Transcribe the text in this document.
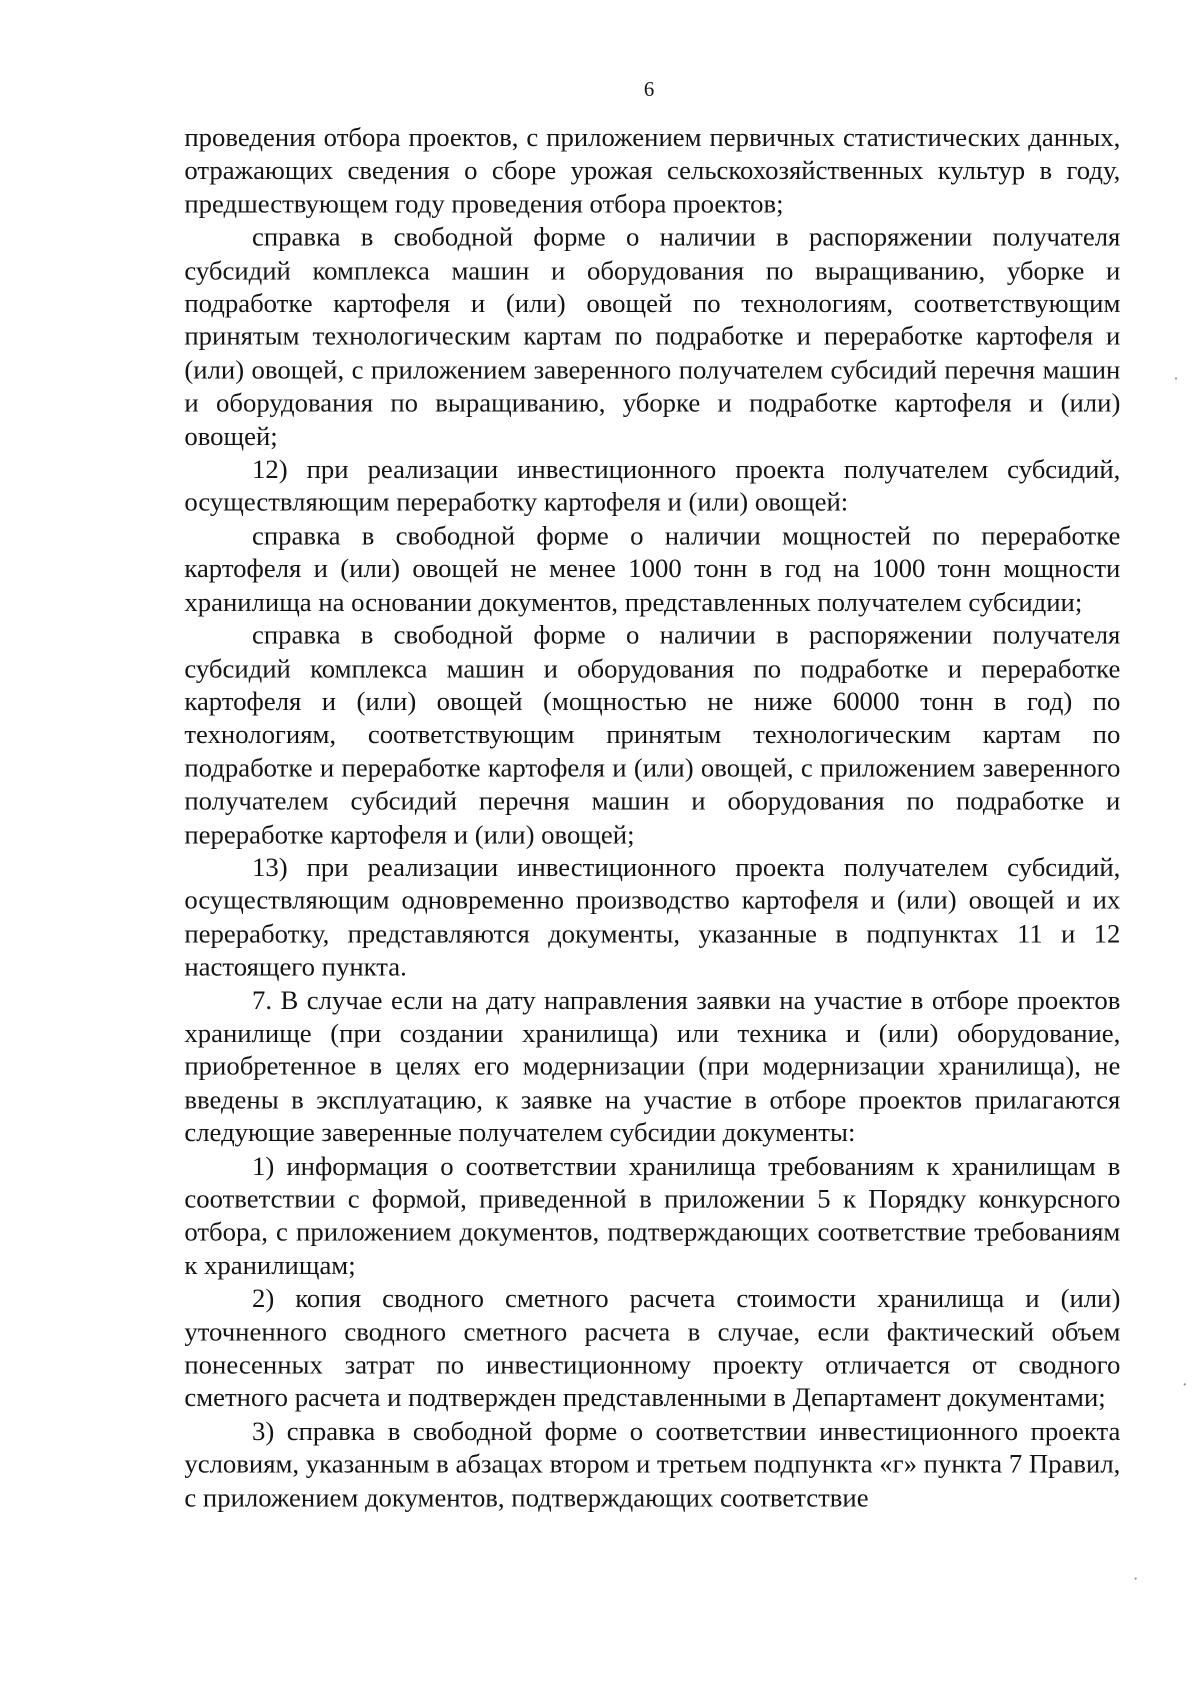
6

проведения отбора проектов, с приложением первичных статистических данных, отражающих сведения о сборе урожая сельскохозяйственных культур в году, предшествующем году проведения отбора проектов;

справка в свободной форме о наличии в распоряжении получателя субсидий комплекса машин и оборудования по выращиванию, уборке и подработке картофеля и (или) овощей по технологиям, соответствующим принятым технологическим картам по подработке и переработке картофеля и (или) овощей, с приложением заверенного получателем субсидий перечня машин и оборудования по выращиванию, уборке и подработке картофеля и (или) овощей;

12) при реализации инвестиционного проекта получателем субсидий, осуществляющим переработку картофеля и (или) овощей:

справка в свободной форме о наличии мощностей по переработке картофеля и (или) овощей не менее 1000 тонн в год на 1000 тонн мощности хранилища на основании документов, представленных получателем субсидии;

справка в свободной форме о наличии в распоряжении получателя субсидий комплекса машин и оборудования по подработке и переработке картофеля и (или) овощей (мощностью не ниже 60000 тонн в год) по технологиям, соответствующим принятым технологическим картам по подработке и переработке картофеля и (или) овощей, с приложением заверенного получателем субсидий перечня машин и оборудования по подработке и переработке картофеля и (или) овощей;

13) при реализации инвестиционного проекта получателем субсидий, осуществляющим одновременно производство картофеля и (или) овощей и их переработку, представляются документы, указанные в подпунктах 11 и 12 настоящего пункта.

7. В случае если на дату направления заявки на участие в отборе проектов хранилище (при создании хранилища) или техника и (или) оборудование, приобретенное в целях его модернизации (при модернизации хранилища), не введены в эксплуатацию, к заявке на участие в отборе проектов прилагаются следующие заверенные получателем субсидии документы:

1) информация о соответствии хранилища требованиям к хранилищам в соответствии с формой, приведенной в приложении 5 к Порядку конкурсного отбора, с приложением документов, подтверждающих соответствие требованиям к хранилищам;

2) копия сводного сметного расчета стоимости хранилища и (или) уточненного сводного сметного расчета в случае, если фактический объем понесенных затрат по инвестиционному проекту отличается от сводного сметного расчета и подтвержден представленными в Департамент документами;

3) справка в свободной форме о соответствии инвестиционного проекта условиям, указанным в абзацах втором и третьем подпункта «г» пункта 7 Правил, с приложением документов, подтверждающих соответствие
